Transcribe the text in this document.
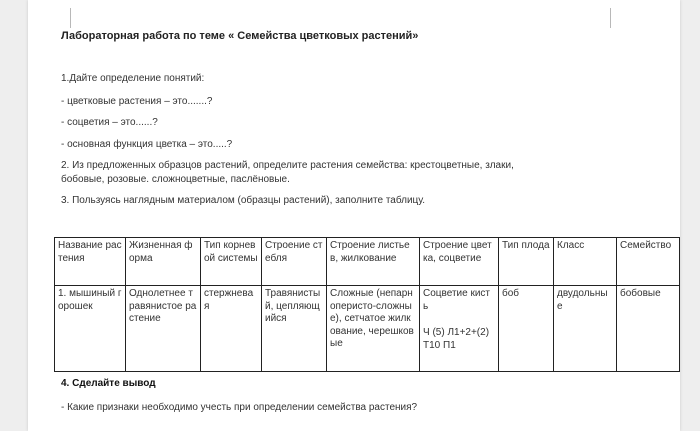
Лабораторная работа по теме « Семейства цветковых растений»
1.Дайте определение понятий:
- цветковые растения – это.......?
- соцветия – это......?
- основная функция цветка – это.....?
2. Из предложенных образцов растений, определите растения семейства: крестоцветные, злаки,
бобовые, розовые. сложноцветные, паслёновые.
3. Пользуясь наглядным материалом (образцы растений), заполните таблицу.
Название растения	Жизненная форма	Тип корневой системы	Строение стебля	Строение листьев, жилкование	Строение цветка, соцветие	Тип плода	Класс	Семейство
1. мышиный горошек	Однолетнее травянистое растение	стержневая	Травянистый, цепляющийся	Сложные (непарноперисто-сложные), сетчатое жилкование, черешковые	Соцветие кисть
Ч (5) Л1+2+(2) Т10 П1	боб	двудольные	бобовые
4. Сделайте вывод
- Какие признаки необходимо учесть при определении семейства растения?
